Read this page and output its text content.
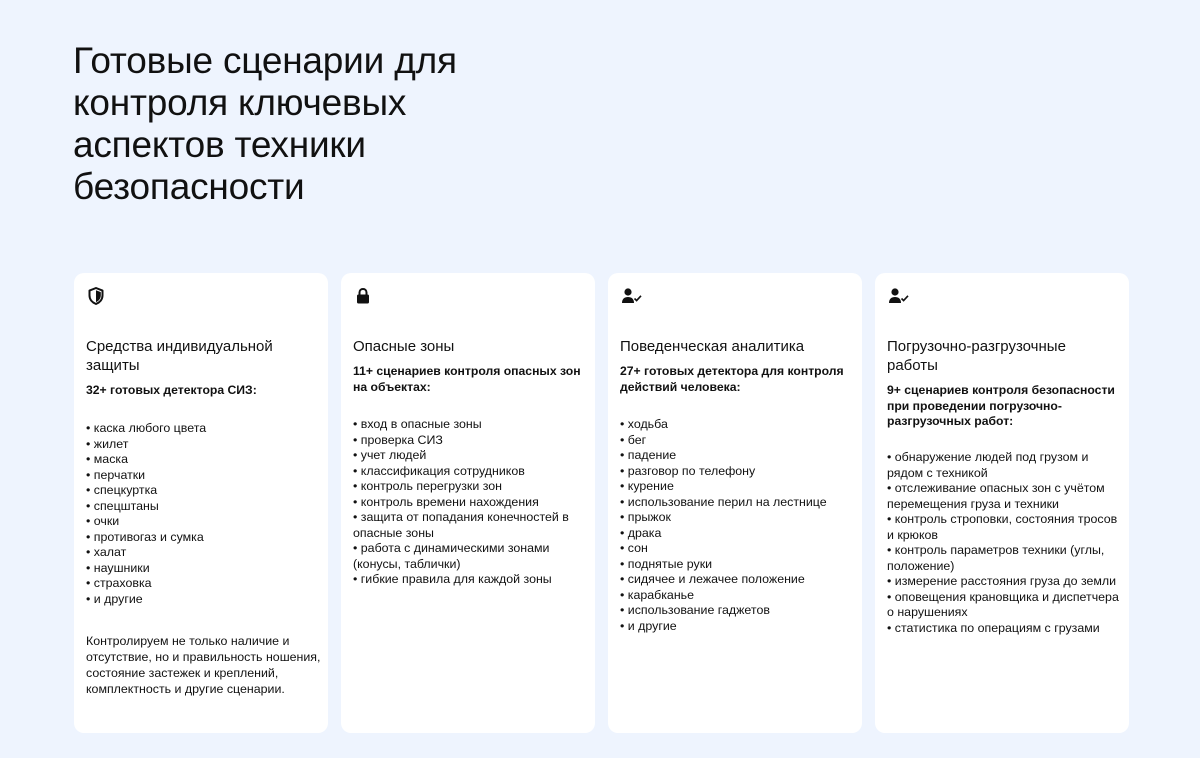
Готовые сценарии для
контроля ключевых
аспектов техники
безопасности
Средства индивидуальной защиты
32+ готовых детектора СИЗ:
• каска любого цвета
• жилет
• маска
• перчатки
• спецкуртка
• спецштаны
• очки
• противогаз и сумка
• халат
• наушники
• страховка
• и другие
Контролируем не только наличие и отсутствие, но и правильность ношения, состояние застежек и креплений, комплектность и другие сценарии.
Опасные зоны
11+ сценариев контроля опасных зон на объектах:
• вход в опасные зоны
• проверка СИЗ
• учет людей
• классификация сотрудников
• контроль перегрузки зон
• контроль времени нахождения
• защита от попадания конечностей в опасные зоны
• работа с динамическими зонами (конусы, таблички)
• гибкие правила для каждой зоны
Поведенческая аналитика
27+ готовых детектора для контроля действий человека:
• ходьба
• бег
• падение
• разговор по телефону
• курение
• использование перил на лестнице
• прыжок
• драка
• сон
• поднятые руки
• сидячее и лежачее положение
• карабканье
• использование гаджетов
• и другие
Погрузочно-разгрузочные работы
9+ сценариев контроля безопасности при проведении погрузочно-разгрузочных работ:
• обнаружение людей под грузом и рядом с техникой
• отслеживание опасных зон с учётом перемещения груза и техники
• контроль строповки, состояния тросов и крюков
• контроль параметров техники (углы, положение)
• измерение расстояния груза до земли
• оповещения крановщика и диспетчера о нарушениях
• статистика по операциям с грузами
